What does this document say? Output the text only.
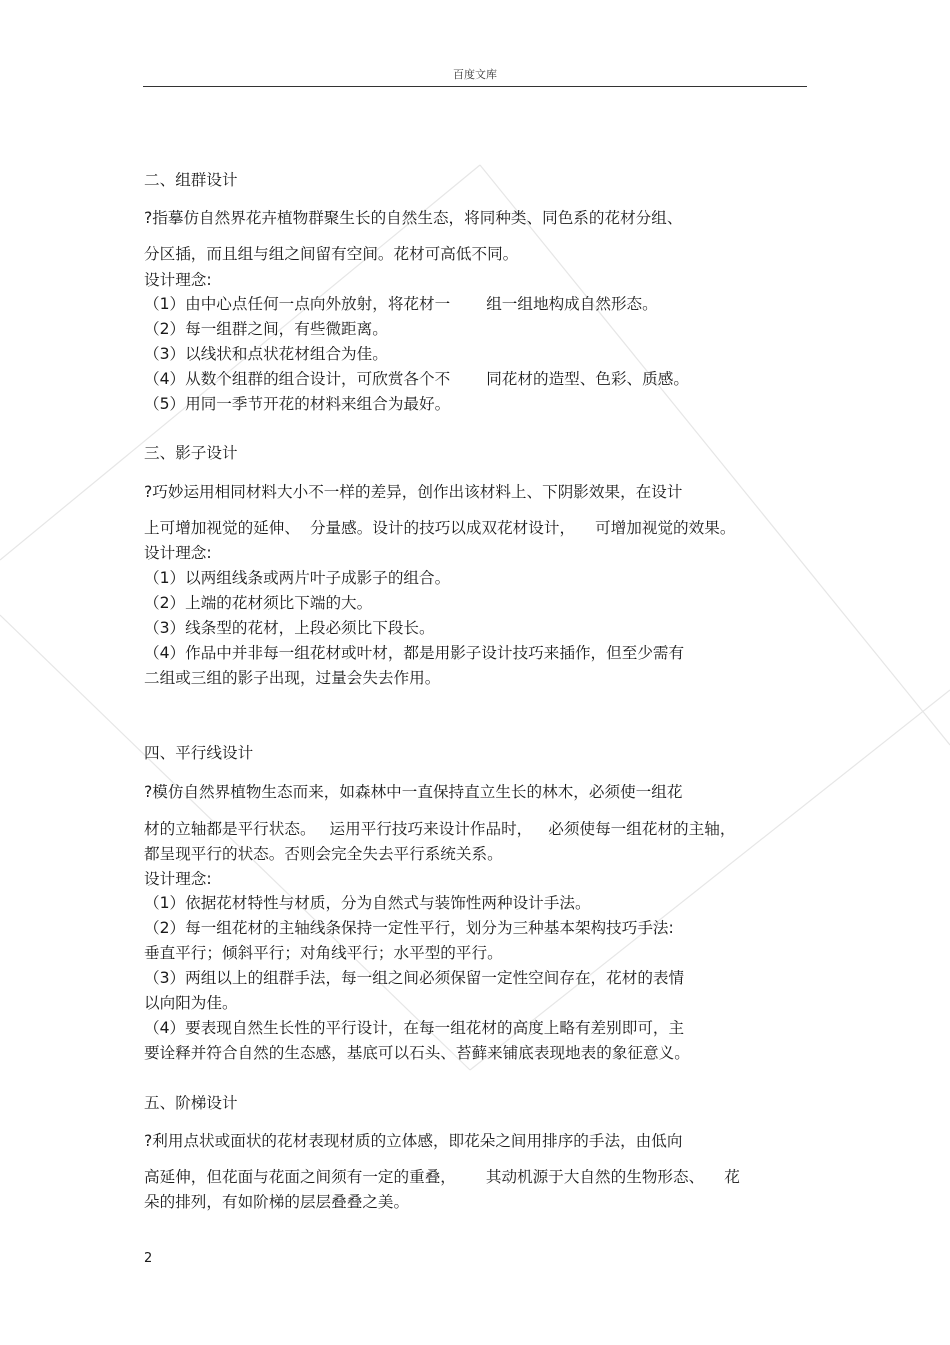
百度文库
二、组群设计
?指摹仿自然界花卉植物群聚生长的自然生态，将同种类、同色系的花材分组、
分区插，而且组与组之间留有空间。花材可高低不同。
设计理念:
（1）由中心点任何一点向外放射，将花材一 组一组地构成自然形态。
（2）每一组群之间，有些微距离。
（3）以线状和点状花材组合为佳。
（4）从数个组群的组合设计，可欣赏各个不 同花材的造型、色彩、质感。
（5）用同一季节开花的材料来组合为最好。
三、影子设计
?巧妙运用相同材料大小不一样的差异，创作出该材料上、下阴影效果，在设计
上可增加视觉的延伸、 分量感。设计的技巧以成双花材设计， 可增加视觉的效果。
设计理念:
（1）以两组线条或两片叶子成影子的组合。
（2）上端的花材须比下端的大。
（3）线条型的花材，上段必须比下段长。
（4）作品中并非每一组花材或叶材，都是用影子设计技巧来插作，但至少需有
二组或三组的影子出现，过量会失去作用。
四、平行线设计
?模仿自然界植物生态而来，如森林中一直保持直立生长的林木，必须使一组花
材的立轴都是平行状态。 运用平行技巧来设计作品时， 必须使每一组花材的主轴，
都呈现平行的状态。否则会完全失去平行系统关系。
设计理念:
（1）依据花材特性与材质，分为自然式与装饰性两种设计手法。
（2）每一组花材的主轴线条保持一定性平行，划分为三种基本架构技巧手法:
垂直平行；倾斜平行；对角线平行；水平型的平行。
（3）两组以上的组群手法，每一组之间必须保留一定性空间存在，花材的表情
以向阳为佳。
（4）要表现自然生长性的平行设计，在每一组花材的高度上略有差别即可，主
要诠释并符合自然的生态感，基底可以石头、苔藓来铺底表现地表的象征意义。
五、阶梯设计
?利用点状或面状的花材表现材质的立体感，即花朵之间用排序的手法，由低向
高延伸，但花面与花面之间须有一定的重叠， 其动机源于大自然的生物形态、 花
朵的排列，有如阶梯的层层叠叠之美。
2
